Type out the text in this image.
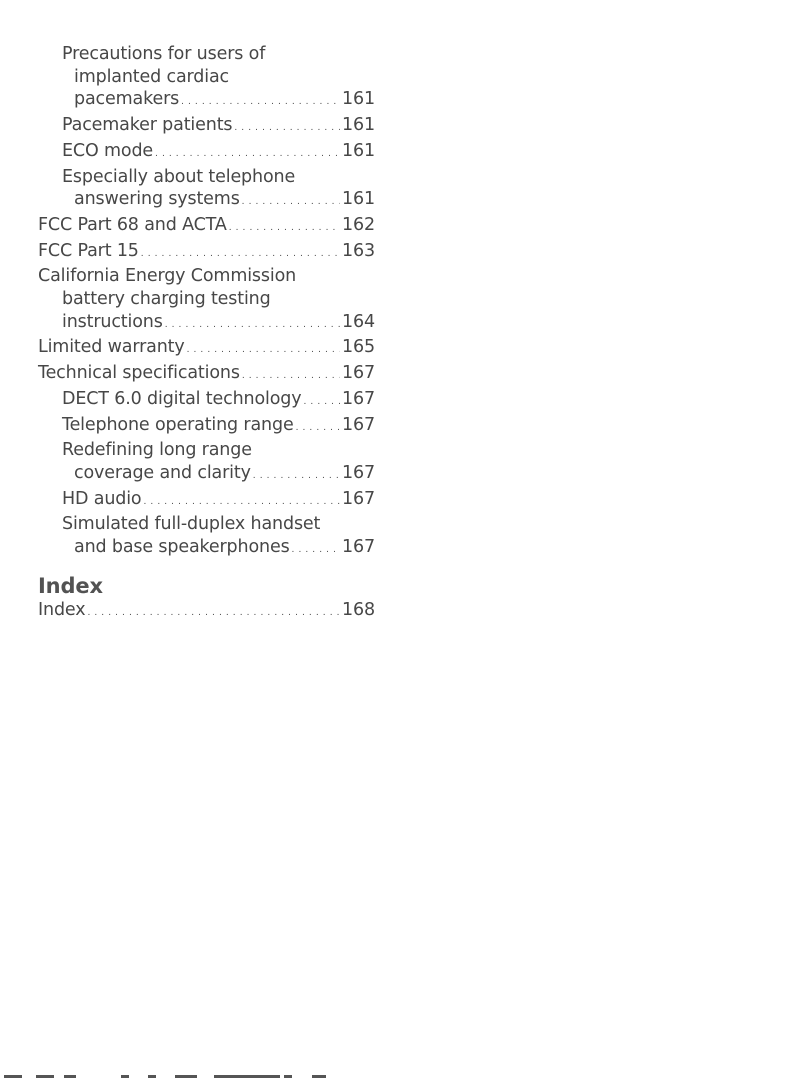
Precautions for users of
implanted cardiac
pacemakers . . .	161
Pacemaker patients . . .	161
ECO mode . . .	161
Especially about telephone
answering systems . . .	161
FCC Part 68 and ACTA . . .	162
FCC Part 15 . . .	163
California Energy Commission
battery charging testing
instructions . . .	164
Limited warranty . . .	165
Technical specifications . . .	167
DECT 6.0 digital technology . . . 167
Telephone operating range . . .	167
Redefining long range
coverage and clarity . . .	167
HD audio . . .	167
Simulated full-duplex handset
and base speakerphones . . .	167
Index
Index . . .	168
